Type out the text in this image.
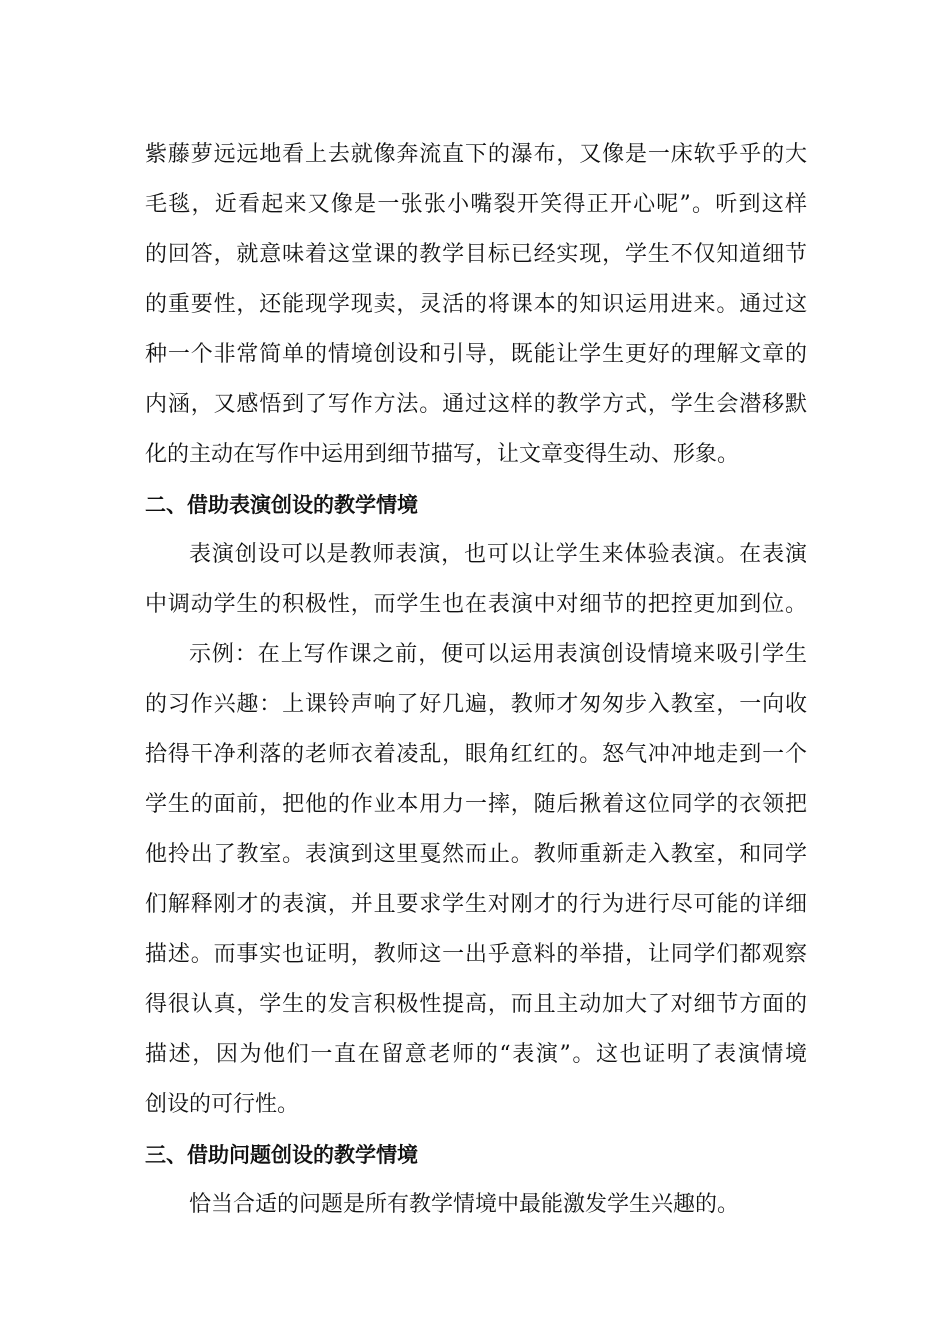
紫藤萝远远地看上去就像奔流直下的瀑布，又像是一床软乎乎的大
毛毯，近看起来又像是一张张小嘴裂开笑得正开心呢”。听到这样
的回答，就意味着这堂课的教学目标已经实现，学生不仅知道细节
的重要性，还能现学现卖，灵活的将课本的知识运用进来。通过这
种一个非常简单的情境创设和引导，既能让学生更好的理解文章的
内涵，又感悟到了写作方法。通过这样的教学方式，学生会潜移默
化的主动在写作中运用到细节描写，让文章变得生动、形象。
二、借助表演创设的教学情境
表演创设可以是教师表演，也可以让学生来体验表演。在表演
中调动学生的积极性，而学生也在表演中对细节的把控更加到位。
示例：在上写作课之前，便可以运用表演创设情境来吸引学生
的习作兴趣：上课铃声响了好几遍，教师才匆匆步入教室，一向收
拾得干净利落的老师衣着凌乱，眼角红红的。怒气冲冲地走到一个
学生的面前，把他的作业本用力一摔，随后揪着这位同学的衣领把
他拎出了教室。表演到这里戛然而止。教师重新走入教室，和同学
们解释刚才的表演，并且要求学生对刚才的行为进行尽可能的详细
描述。而事实也证明，教师这一出乎意料的举措，让同学们都观察
得很认真，学生的发言积极性提高，而且主动加大了对细节方面的
描述，因为他们一直在留意老师的“表演”。这也证明了表演情境
创设的可行性。
三、借助问题创设的教学情境
恰当合适的问题是所有教学情境中最能激发学生兴趣的。
